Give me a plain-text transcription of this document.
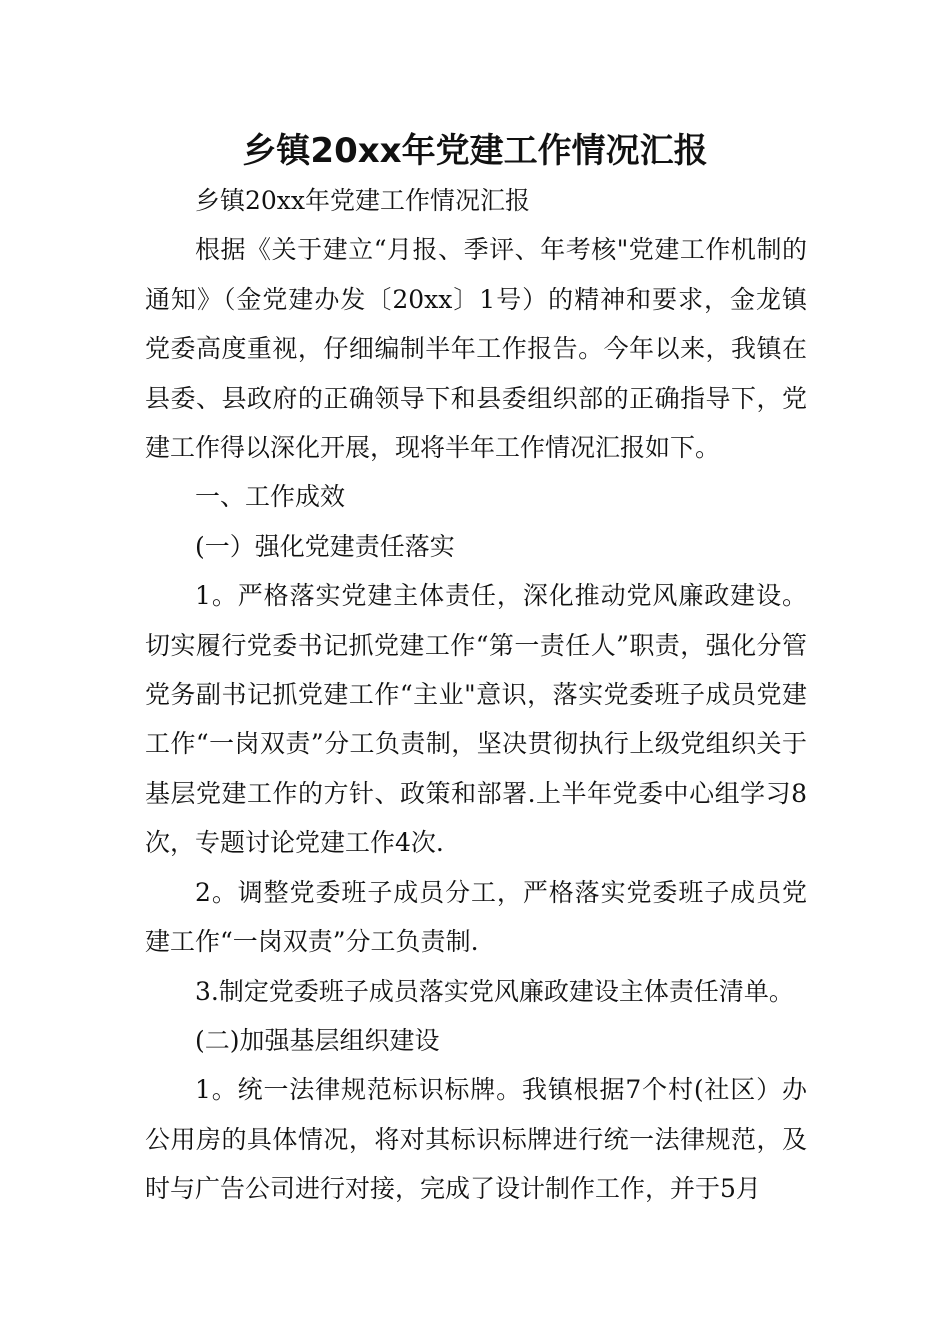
乡镇20xx年党建工作情况汇报

乡镇20xx年党建工作情况汇报

根据《关于建立“月报、季评、年考核"党建工作机制的通知》（金党建办发〔20xx〕1号）的精神和要求，金龙镇党委高度重视，仔细编制半年工作报告。今年以来，我镇在县委、县政府的正确领导下和县委组织部的正确指导下，党建工作得以深化开展，现将半年工作情况汇报如下。

一、工作成效

(一）强化党建责任落实

1。严格落实党建主体责任，深化推动党风廉政建设。切实履行党委书记抓党建工作“第一责任人”职责，强化分管党务副书记抓党建工作“主业"意识，落实党委班子成员党建工作“一岗双责”分工负责制，坚决贯彻执行上级党组织关于基层党建工作的方针、政策和部署.上半年党委中心组学习8次，专题讨论党建工作4次.

2。调整党委班子成员分工，严格落实党委班子成员党建工作“一岗双责”分工负责制.

3.制定党委班子成员落实党风廉政建设主体责任清单。

(二)加强基层组织建设

1。统一法律规范标识标牌。我镇根据7个村(社区）办公用房的具体情况，将对其标识标牌进行统一法律规范，及时与广告公司进行对接，完成了设计制作工作，并于5月
